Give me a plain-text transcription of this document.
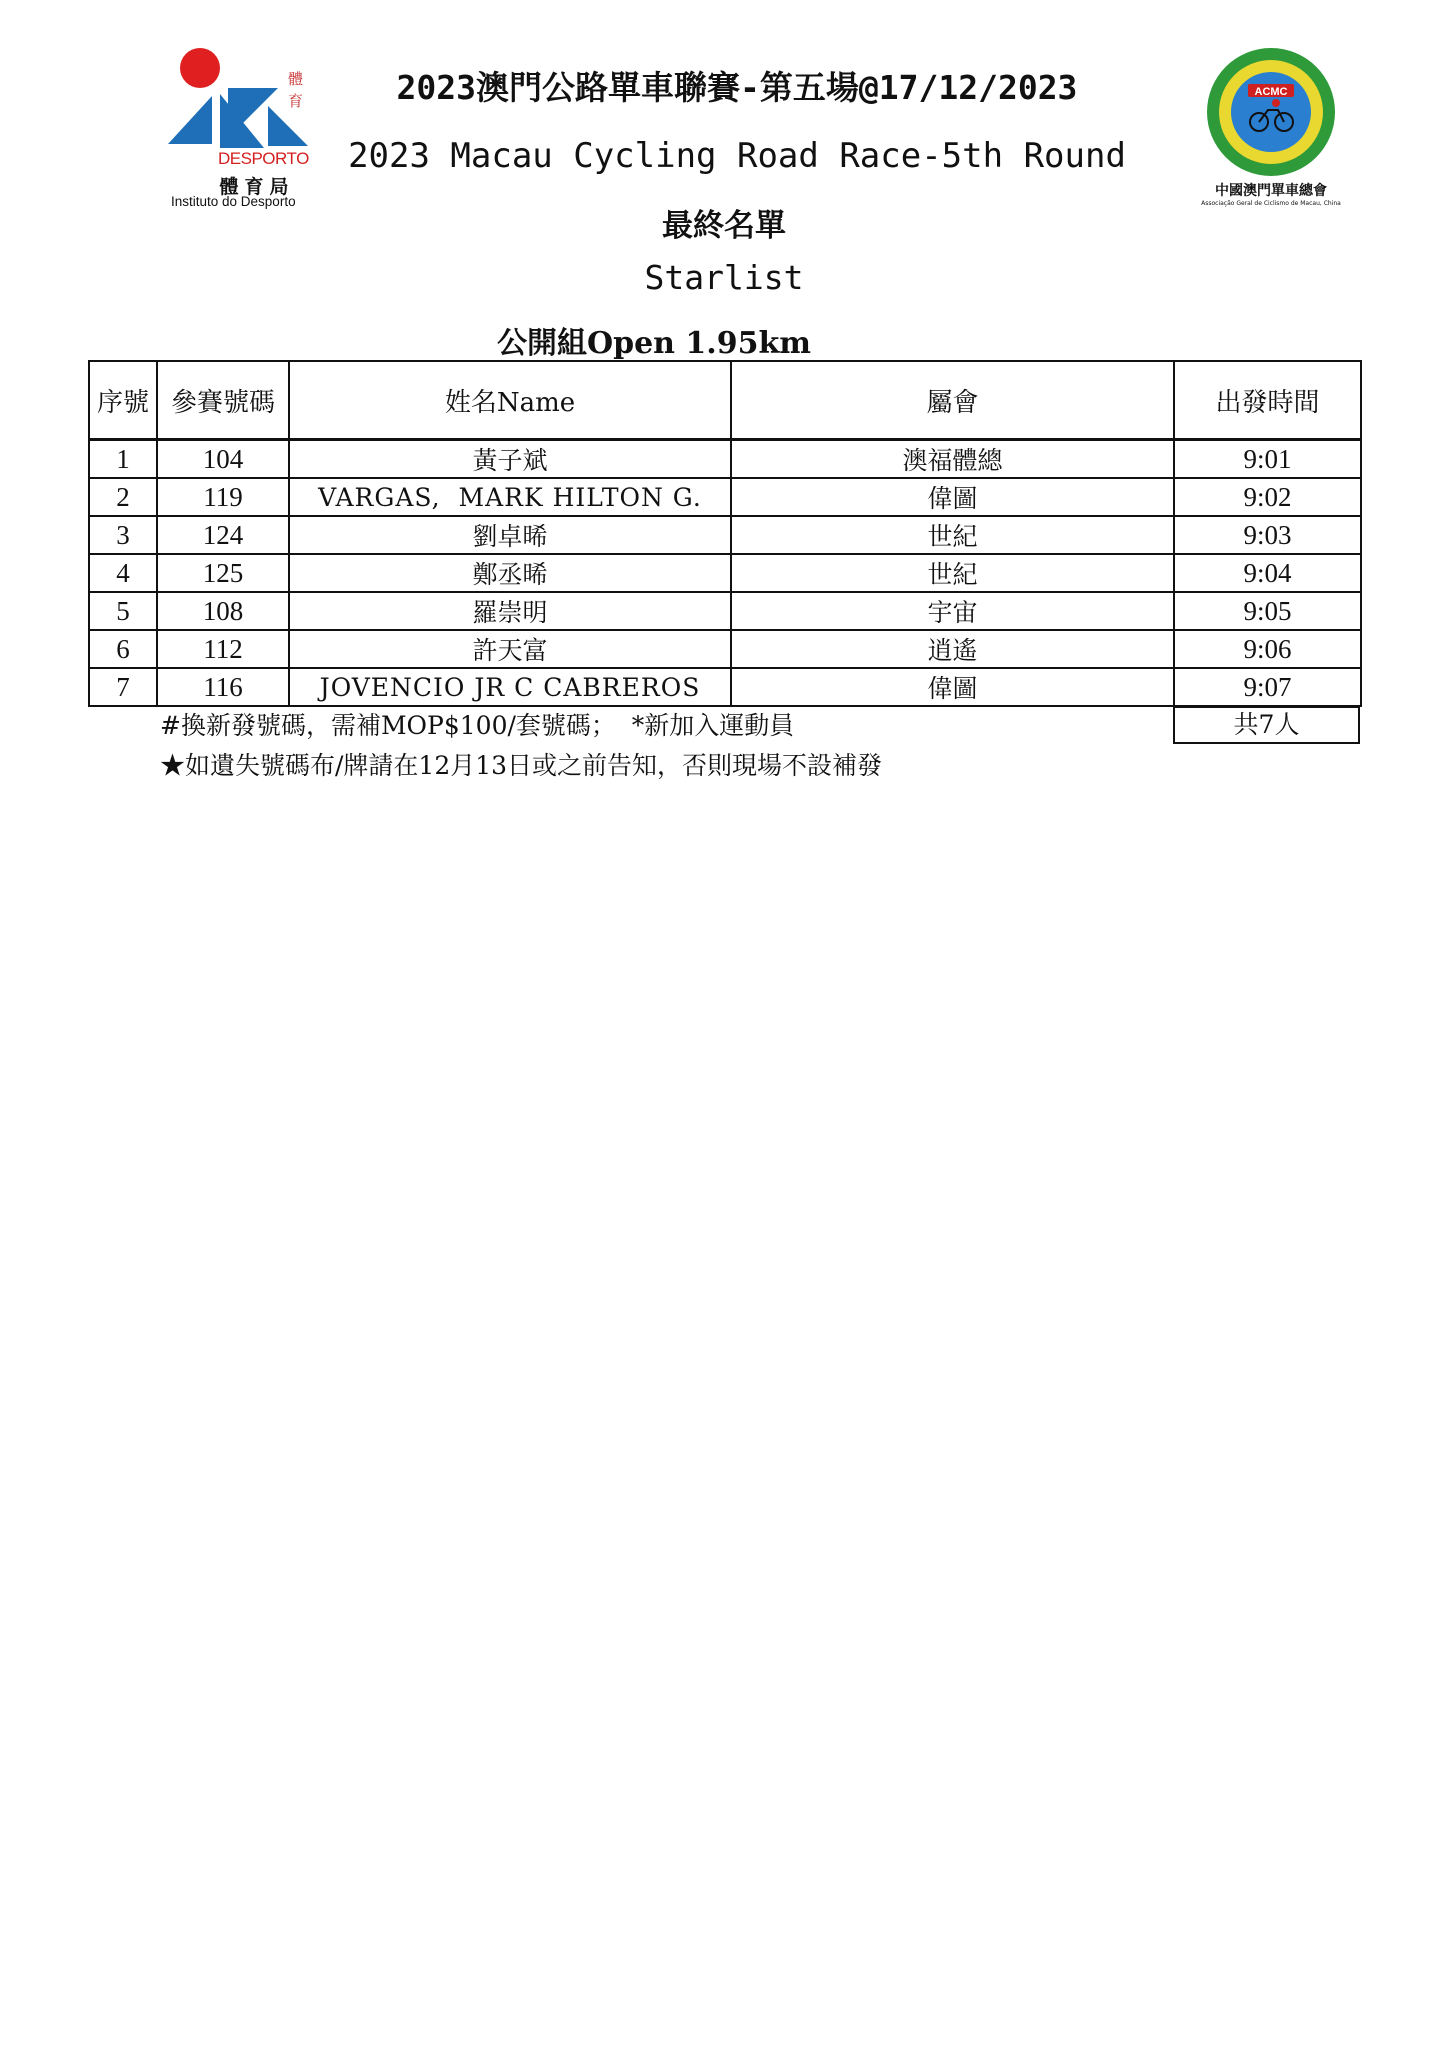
體育
DESPORTO
體育局
Instituto do Desporto
2023澳門公路單車聯賽-第五場@17/12/2023
2023 Macau Cycling Road Race-5th Round
最終名單
Starlist
公開組Open 1.95km
ACMC
中國澳門單車總會
Associação Geral de Ciclismo de Macau, China
序號	參賽號碼	姓名Name	屬會	出發時間
1	104	黃子斌	澳福體總	9:01
2	119	VARGAS,  MARK HILTON G.	偉圖	9:02
3	124	劉卓晞	世紀	9:03
4	125	鄭丞晞	世紀	9:04
5	108	羅崇明	宇宙	9:05
6	112	許天富	逍遙	9:06
7	116	JOVENCIO JR C CABREROS	偉圖	9:07
共7人
#換新發號碼，需補MOP$100/套號碼；  *新加入運動員
★如遺失號碼布/牌請在12月13日或之前告知，否則現場不設補發
